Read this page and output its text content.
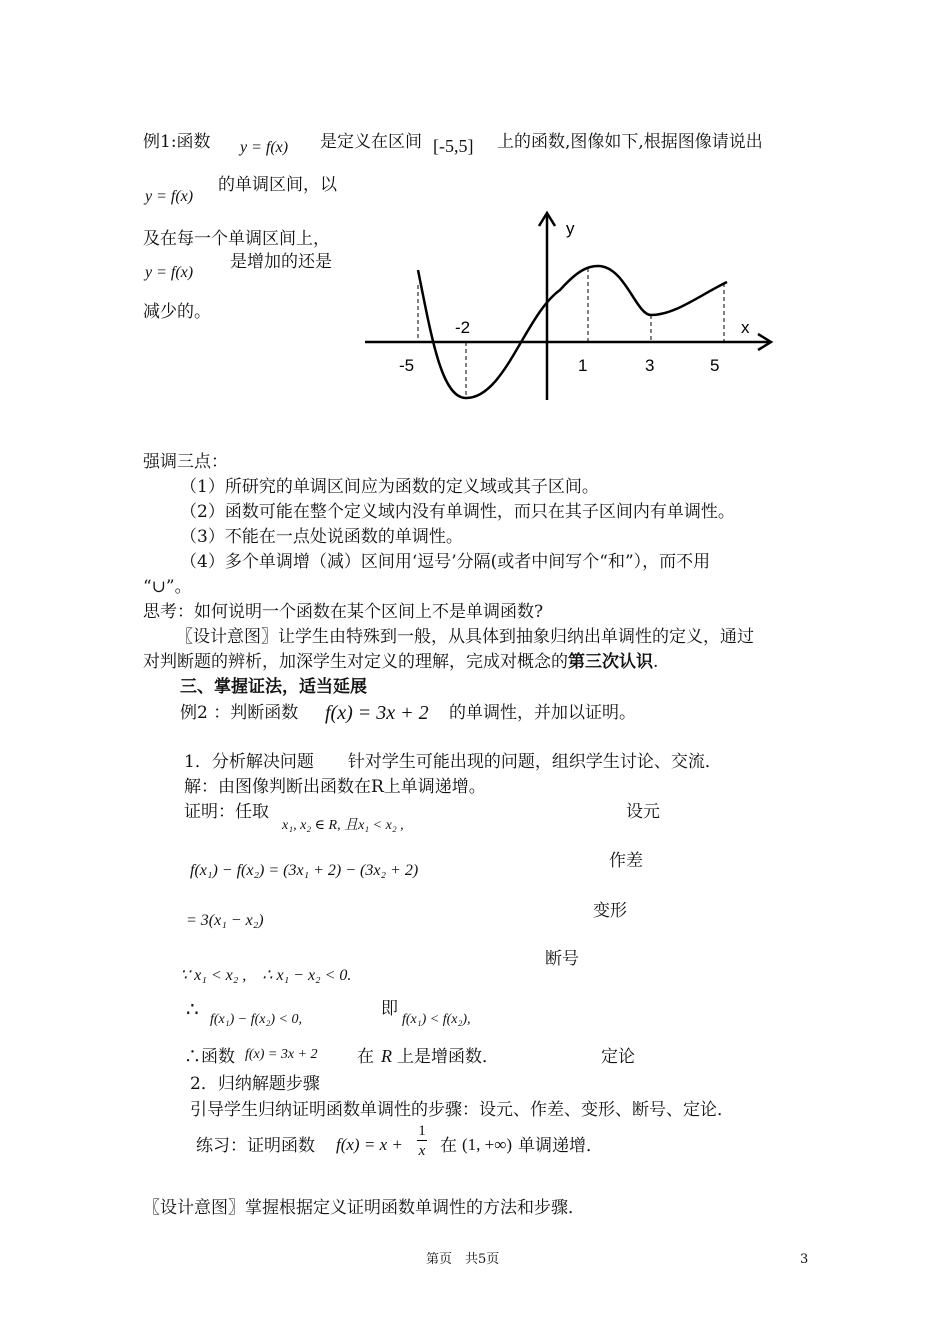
例1:函数 y = f(x) 是定义在区间 [-5,5] 上的函数,图像如下,根据图像请说出
y = f(x)
的单调区间，以
及在每一个单调区间上，
y = f(x)
是增加的还是
减少的。
y
x
-5
-2
1	3	5
强调三点：
（1）所研究的单调区间应为函数的定义域或其子区间。
（2）函数可能在整个定义域内没有单调性，而只在其子区间内有单调性。
（3）不能在一点处说函数的单调性。
（4）多个单调增（减）区间用‘逗号’分隔(或者中间写个“和”），而不用
“∪”。
思考：如何说明一个函数在某个区间上不是单调函数?
〖设计意图〗让学生由特殊到一般，从具体到抽象归纳出单调性的定义，通过
对判断题的辨析，加深学生对定义的理解，完成对概念的第三次认识.
三、掌握证法，适当延展
例2 ：判断函数 f(x) = 3x + 2 的单调性，并加以证明。
1．分析解决问题　　针对学生可能出现的问题，组织学生讨论、交流．
解：由图像判断出函数在R上单调递增。
证明：任取
x₁, x₂ ∈ R, 且x₁ < x₂ ,
设元
f(x₁) − f(x₂) = (3x₁ + 2) − (3x₂ + 2)	作差
= 3(x₁ − x₂)	变形
∵ x₁ < x₂ ,　∴ x₁ − x₂ < 0.
断号
∴ f(x₁) − f(x₂) < 0,
即
f(x₁) < f(x₂),
∴函数 f(x) = 3x + 2 在 R 上是增函数．	定论
2．归纳解题步骤
引导学生归纳证明函数单调性的步骤：设元、作差、变形、断号、定论．
练习：证明函数 f(x) = x +
1
x 在 (1, +∞) 单调递增．
〖设计意图〗掌握根据定义证明函数单调性的方法和步骤．
第页　共5页	3
